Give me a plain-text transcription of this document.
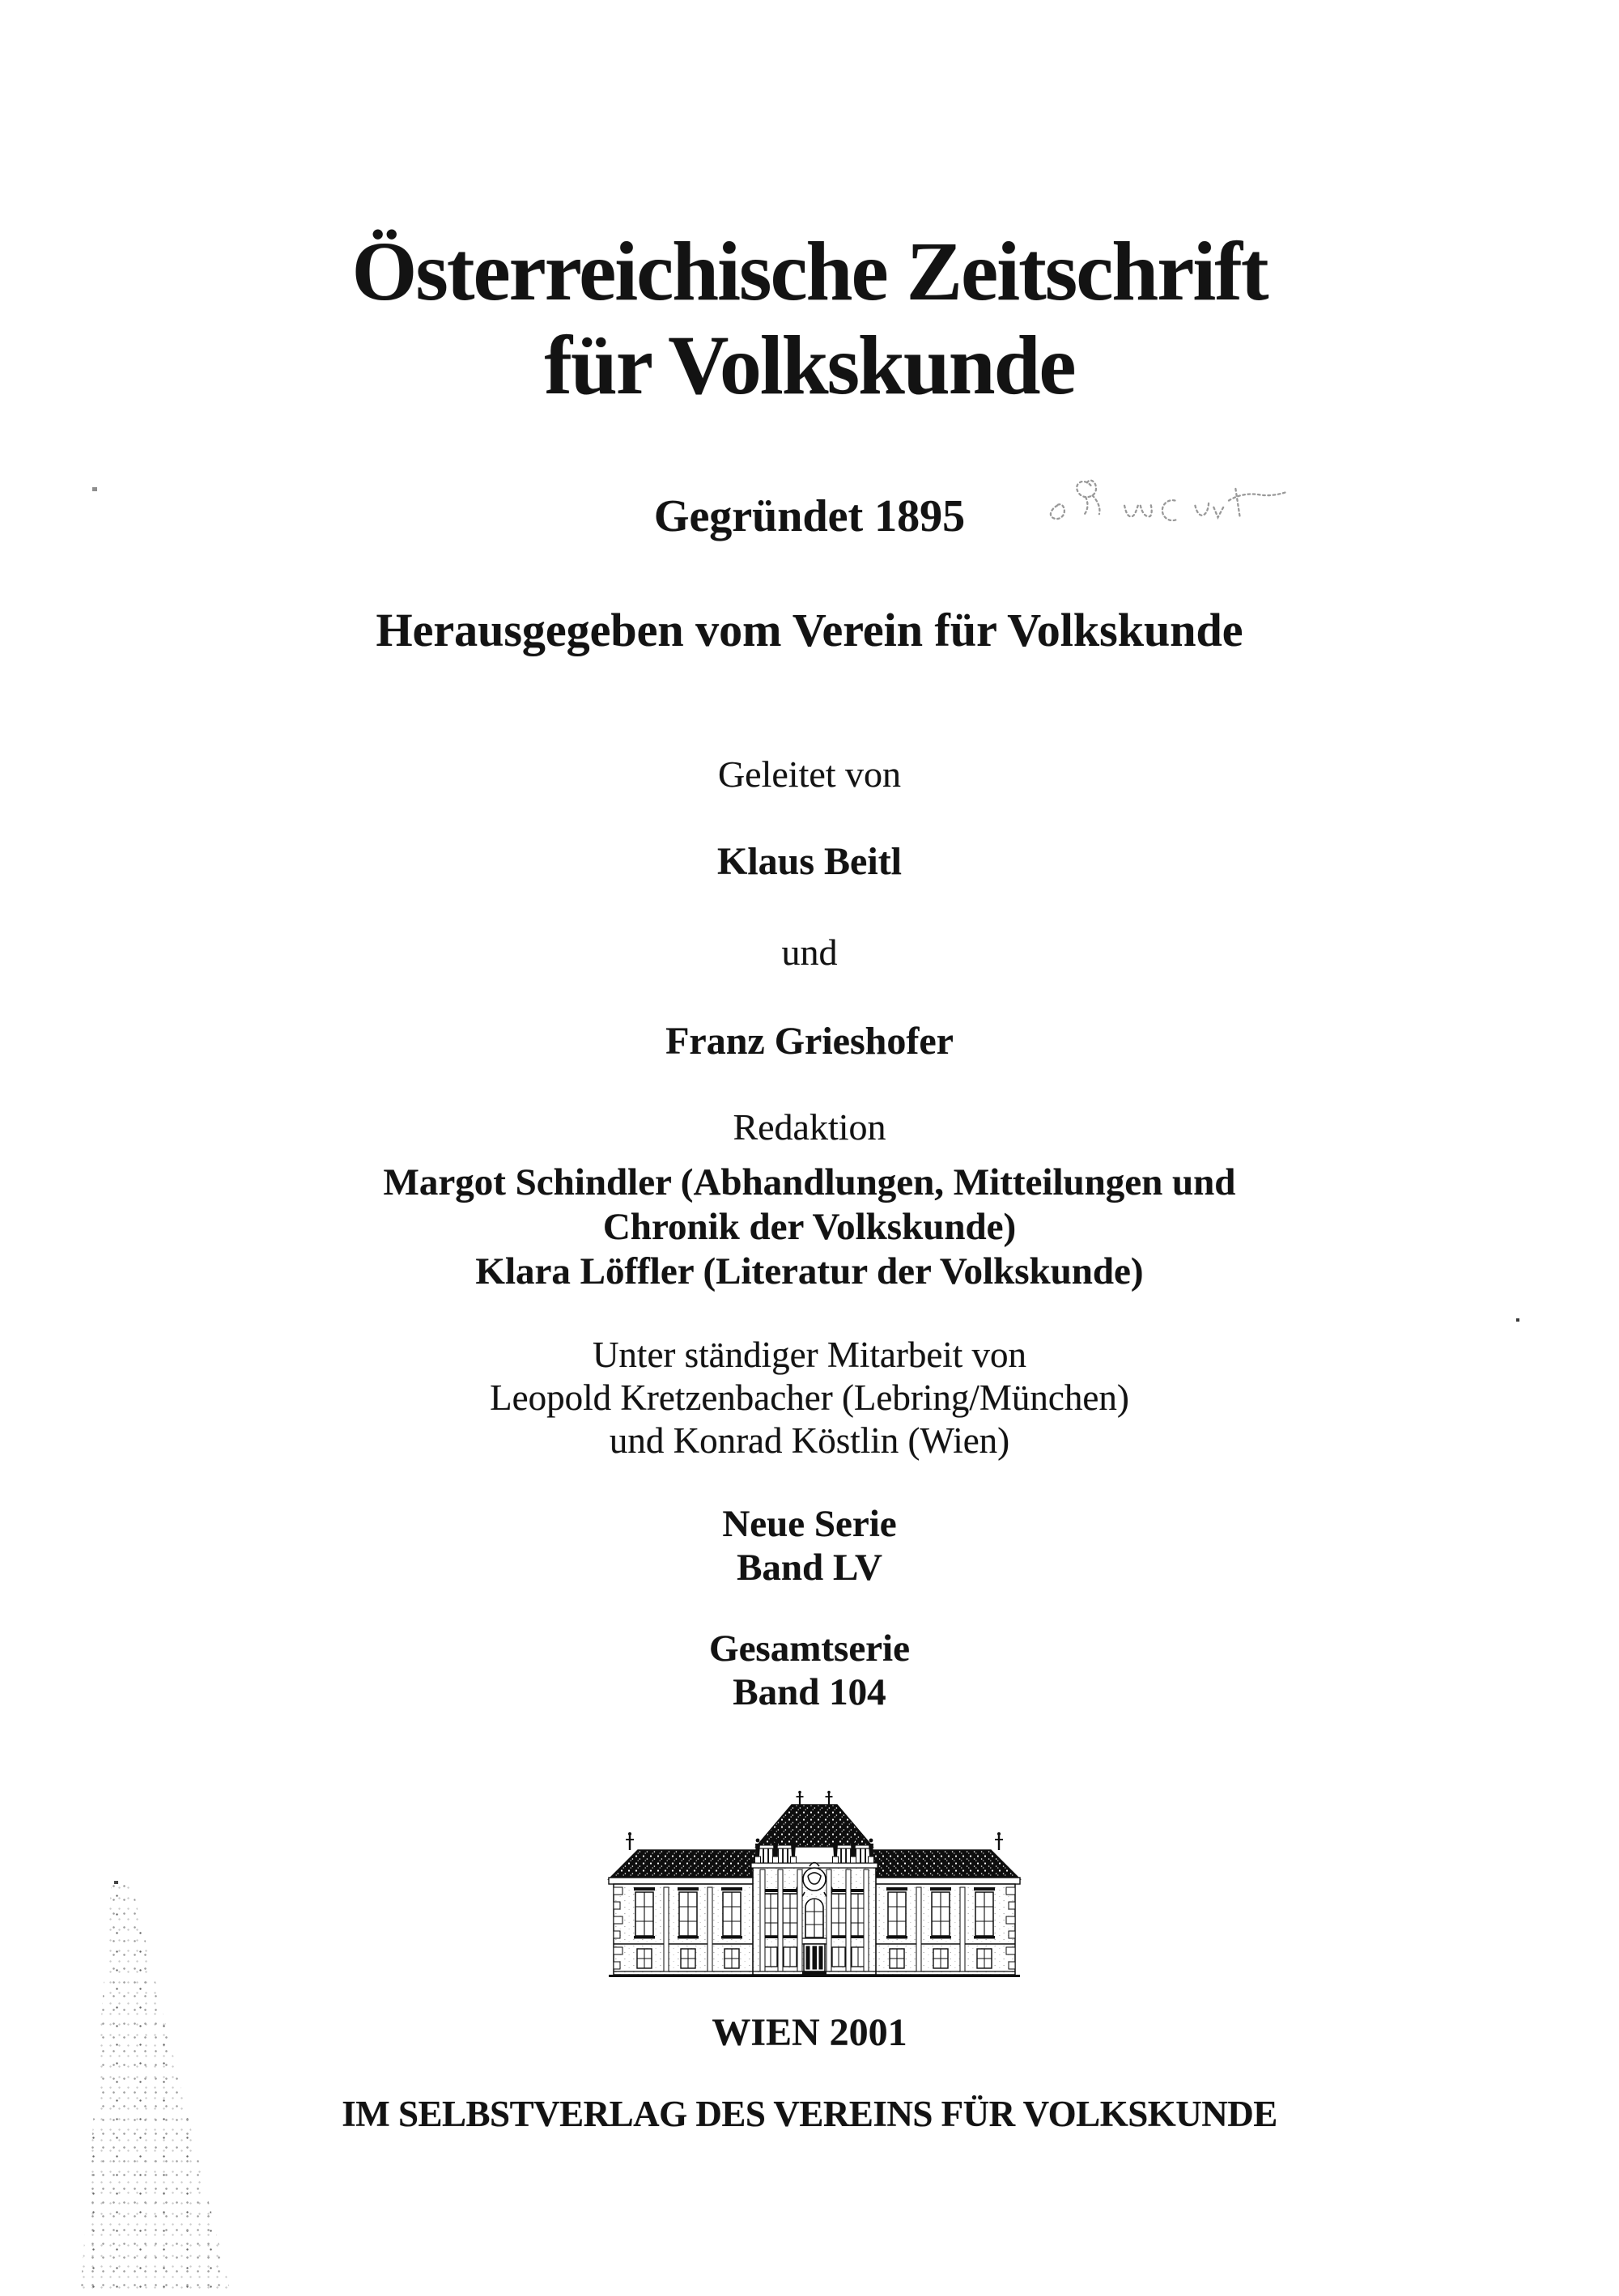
Österreichische Zeitschrift
für Volkskunde
Gegründet 1895
Herausgegeben vom Verein für Volkskunde
Geleitet von
Klaus Beitl
und
Franz Grieshofer
Redaktion
Margot Schindler (Abhandlungen, Mitteilungen und
Chronik der Volkskunde)
Klara Löffler (Literatur der Volkskunde)
Unter ständiger Mitarbeit von
Leopold Kretzenbacher (Lebring/München)
und Konrad Köstlin (Wien)
Neue Serie
Band LV
Gesamtserie
Band 104
WIEN 2001
IM SELBSTVERLAG DES VEREINS FÜR VOLKSKUNDE
